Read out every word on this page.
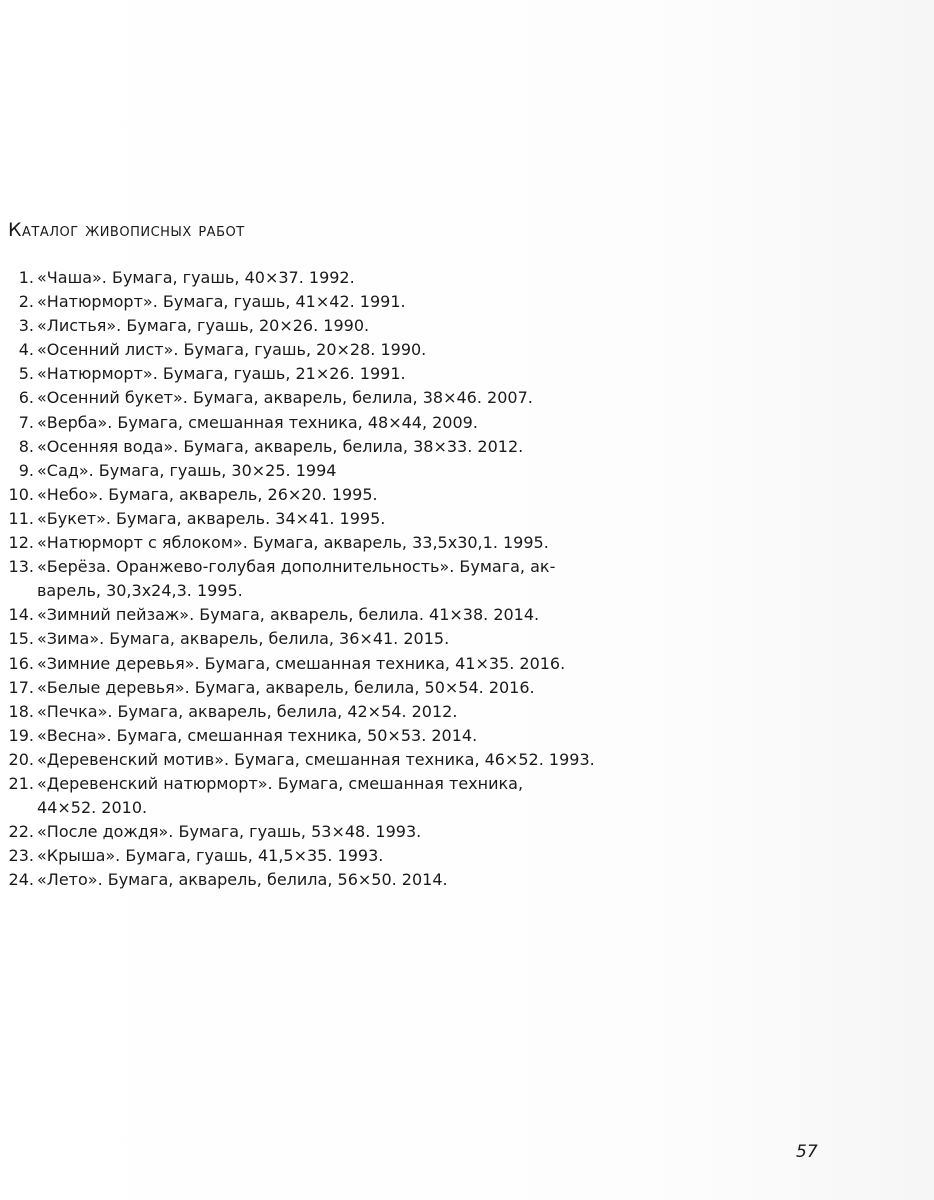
Каталог живописных работ
1. «Чаша». Бумага, гуашь, 40×37. 1992.
2. «Натюрморт». Бумага, гуашь, 41×42. 1991.
3. «Листья». Бумага, гуашь, 20×26. 1990.
4. «Осенний лист». Бумага, гуашь, 20×28. 1990.
5. «Натюрморт». Бумага, гуашь, 21×26. 1991.
6. «Осенний букет». Бумага, акварель, белила, 38×46. 2007.
7. «Верба». Бумага, смешанная техника, 48×44, 2009.
8. «Осенняя вода». Бумага, акварель, белила, 38×33. 2012.
9. «Сад». Бумага, гуашь, 30×25. 1994
10. «Небо». Бумага, акварель, 26×20. 1995.
11. «Букет». Бумага, акварель. 34×41. 1995.
12. «Натюрморт с яблоком». Бумага, акварель, 33,5х30,1. 1995.
13. «Берёза. Оранжево-голубая дополнительность». Бумага, ак-
варель, 30,3х24,3. 1995.
14. «Зимний пейзаж». Бумага, акварель, белила. 41×38. 2014.
15. «Зима». Бумага, акварель, белила, 36×41. 2015.
16. «Зимние деревья». Бумага, смешанная техника, 41×35. 2016.
17. «Белые деревья». Бумага, акварель, белила, 50×54. 2016.
18. «Печка». Бумага, акварель, белила, 42×54. 2012.
19. «Весна». Бумага, смешанная техника, 50×53. 2014.
20. «Деревенский мотив». Бумага, смешанная техника, 46×52. 1993.
21. «Деревенский натюрморт». Бумага, смешанная техника,
44×52. 2010.
22. «После дождя». Бумага, гуашь, 53×48. 1993.
23. «Крыша». Бумага, гуашь, 41,5×35. 1993.
24. «Лето». Бумага, акварель, белила, 56×50. 2014.
57
